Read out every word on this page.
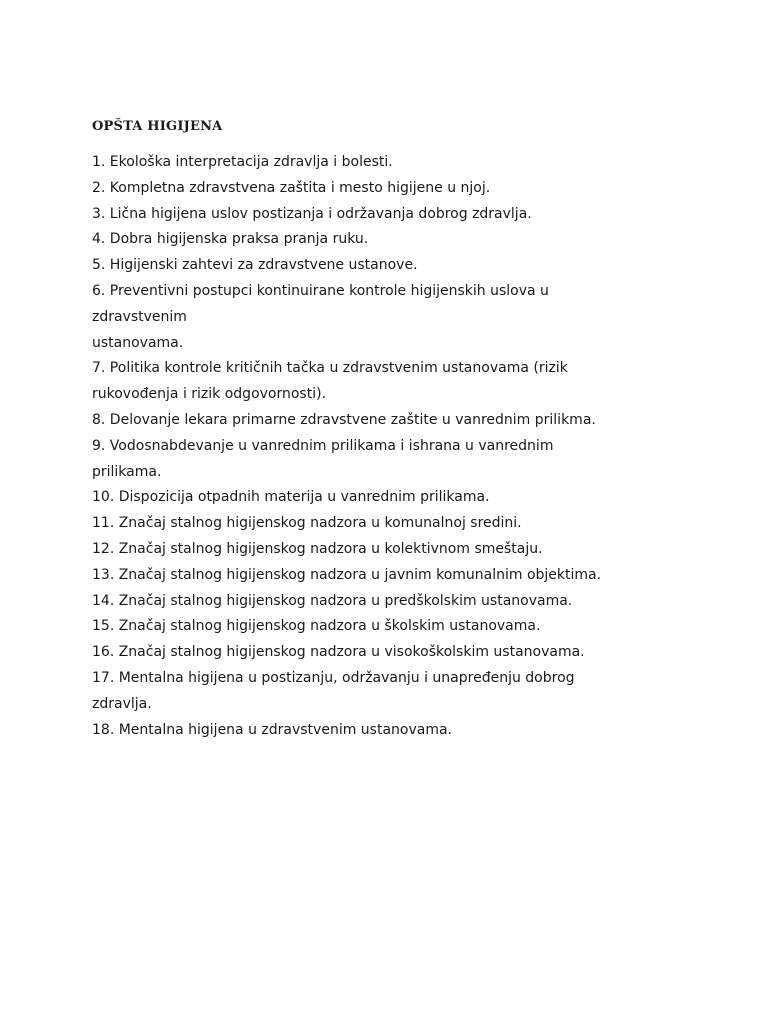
OPŠTA HIGIJENA
1. Ekološka interpretacija zdravlja i bolesti.
2. Kompletna zdravstvena zaštita i mesto higijene u njoj.
3. Lična higijena uslov postizanja i održavanja dobrog zdravlja.
4. Dobra higijenska praksa pranja ruku.
5. Higijenski zahtevi za zdravstvene ustanove.
6. Preventivni postupci kontinuirane kontrole higijenskih uslova u
zdravstvenim
ustanovama.
7. Politika kontrole kritičnih tačka u zdravstvenim ustanovama (rizik
rukovođenja i rizik odgovornosti).
8. Delovanje lekara primarne zdravstvene zaštite u vanrednim prilikma.
9. Vodosnabdevanje u vanrednim prilikama i ishrana u vanrednim
prilikama.
10. Dispozicija otpadnih materija u vanrednim prilikama.
11. Značaj stalnog higijenskog nadzora u komunalnoj sredini.
12. Značaj stalnog higijenskog nadzora u kolektivnom smeštaju.
13. Značaj stalnog higijenskog nadzora u javnim komunalnim objektima.
14. Značaj stalnog higijenskog nadzora u predškolskim ustanovama.
15. Značaj stalnog higijenskog nadzora u školskim ustanovama.
16. Značaj stalnog higijenskog nadzora u visokoškolskim ustanovama.
17. Mentalna higijena u postizanju, održavanju i unapređenju dobrog
zdravlja.
18. Mentalna higijena u zdravstvenim ustanovama.
